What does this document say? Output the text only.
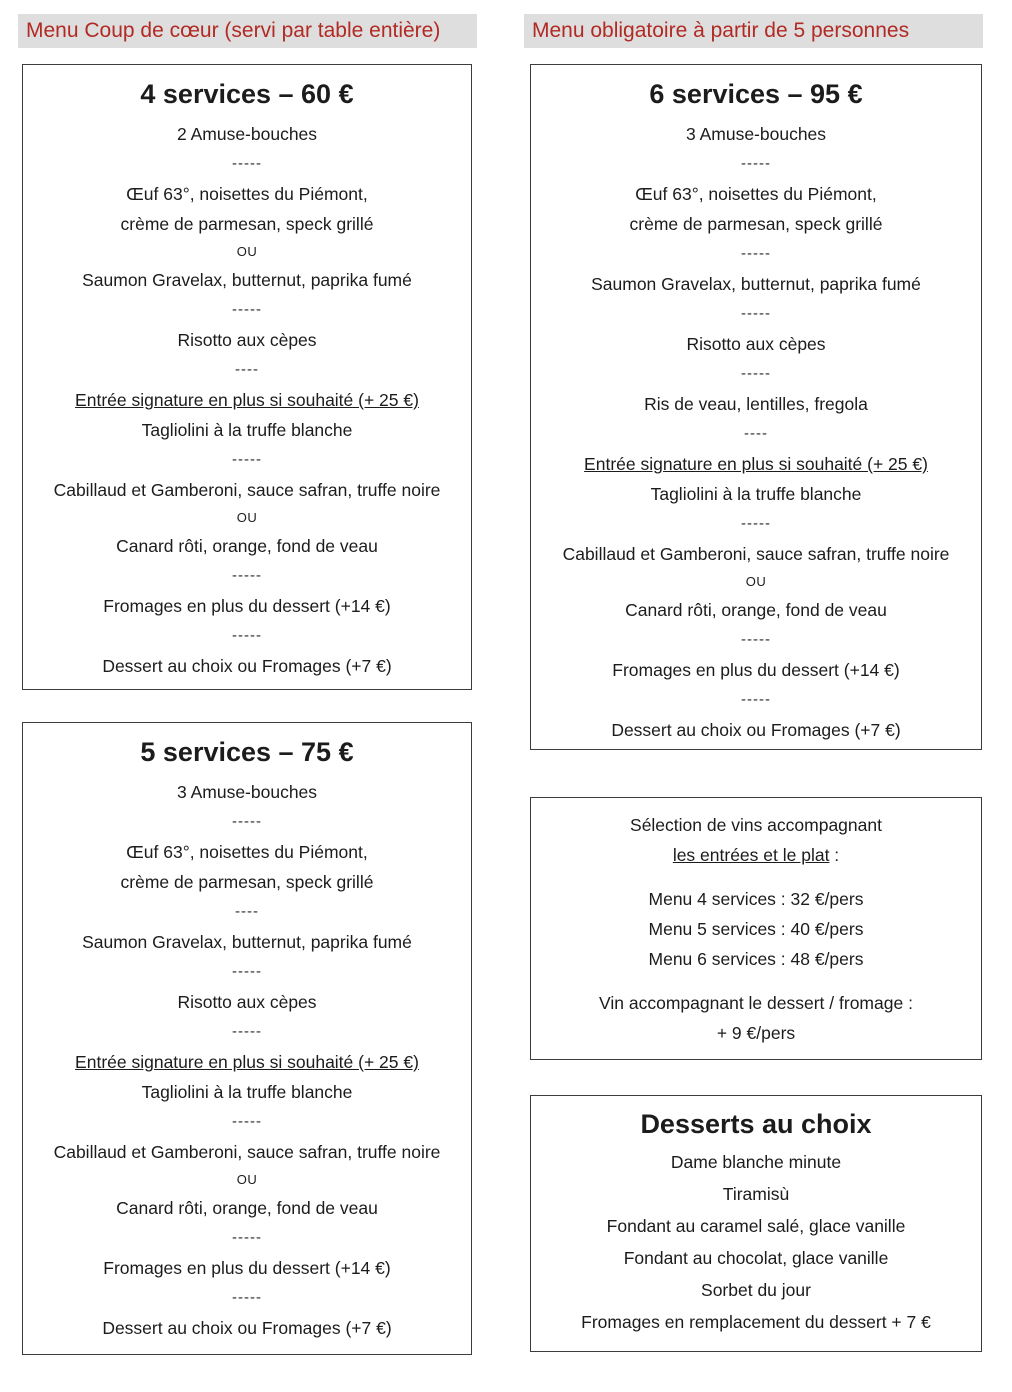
Menu Coup de cœur (servi par table entière)	Menu obligatoire à partir de 5 personnes
4 services – 60 €
2 Amuse-bouches
-----
Œuf 63°, noisettes du Piémont,
crème de parmesan, speck grillé
OU
Saumon Gravelax, butternut, paprika fumé
-----
Risotto aux cèpes
----
Entrée signature en plus si souhaité (+ 25 €)
Tagliolini à la truffe blanche
-----
Cabillaud et Gamberoni, sauce safran, truffe noire
OU
Canard rôti, orange, fond de veau
-----
Fromages en plus du dessert (+14 €)
-----
Dessert au choix ou Fromages (+7 €)
5 services – 75 €
3 Amuse-bouches
-----
Œuf 63°, noisettes du Piémont,
crème de parmesan, speck grillé
----
Saumon Gravelax, butternut, paprika fumé
-----
Risotto aux cèpes
-----
Entrée signature en plus si souhaité (+ 25 €)
Tagliolini à la truffe blanche
-----
Cabillaud et Gamberoni, sauce safran, truffe noire
OU
Canard rôti, orange, fond de veau
-----
Fromages en plus du dessert (+14 €)
-----
Dessert au choix ou Fromages (+7 €)
6 services – 95 €
3 Amuse-bouches
-----
Œuf 63°, noisettes du Piémont,
crème de parmesan, speck grillé
-----
Saumon Gravelax, butternut, paprika fumé
-----
Risotto aux cèpes
-----
Ris de veau, lentilles, fregola
----
Entrée signature en plus si souhaité (+ 25 €)
Tagliolini à la truffe blanche
-----
Cabillaud et Gamberoni, sauce safran, truffe noire
OU
Canard rôti, orange, fond de veau
-----
Fromages en plus du dessert (+14 €)
-----
Dessert au choix ou Fromages (+7 €)
Sélection de vins accompagnant
les entrées et le plat :
Menu 4 services : 32 €/pers
Menu 5 services : 40 €/pers
Menu 6 services : 48 €/pers
Vin accompagnant le dessert / fromage :
+ 9 €/pers
Desserts au choix
Dame blanche minute
Tiramisù
Fondant au caramel salé, glace vanille
Fondant au chocolat, glace vanille
Sorbet du jour
Fromages en remplacement du dessert + 7 €
